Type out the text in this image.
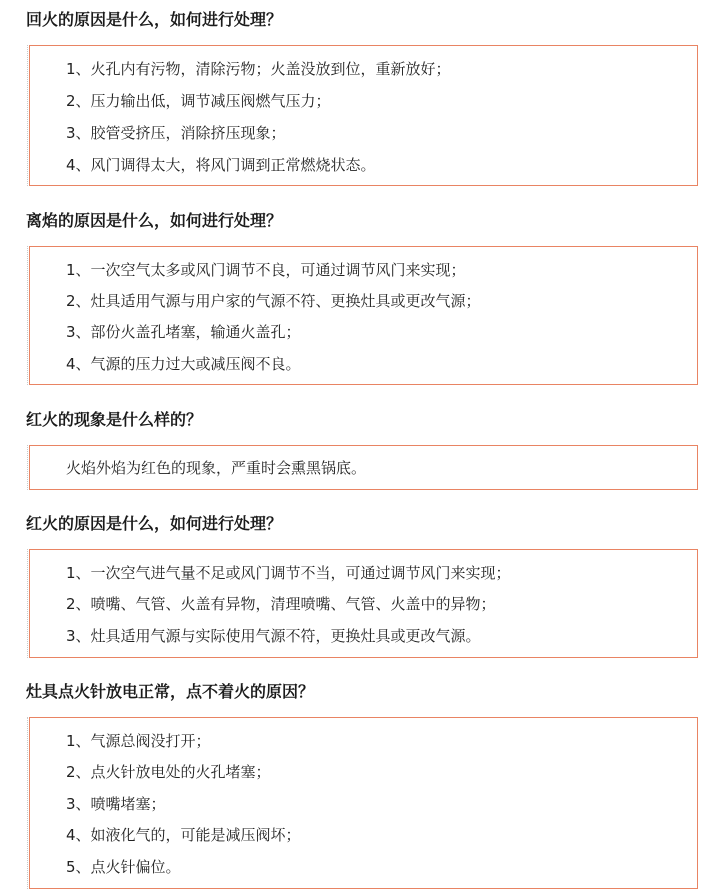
回火的原因是什么，如何进行处理？
1、火孔内有污物，清除污物；火盖没放到位，重新放好；
2、压力输出低，调节减压阀燃气压力；
3、胶管受挤压，消除挤压现象；
4、风门调得太大，将风门调到正常燃烧状态。
离焰的原因是什么，如何进行处理？
1、一次空气太多或风门调节不良，可通过调节风门来实现；
2、灶具适用气源与用户家的气源不符、更换灶具或更改气源；
3、部份火盖孔堵塞，输通火盖孔；
4、气源的压力过大或减压阀不良。
红火的现象是什么样的？
火焰外焰为红色的现象，严重时会熏黑锅底。
红火的原因是什么，如何进行处理？
1、一次空气进气量不足或风门调节不当，可通过调节风门来实现；
2、喷嘴、气管、火盖有异物，清理喷嘴、气管、火盖中的异物；
3、灶具适用气源与实际使用气源不符，更换灶具或更改气源。
灶具点火针放电正常，点不着火的原因？
1、气源总阀没打开；
2、点火针放电处的火孔堵塞；
3、喷嘴堵塞；
4、如液化气的，可能是减压阀坏；
5、点火针偏位。
